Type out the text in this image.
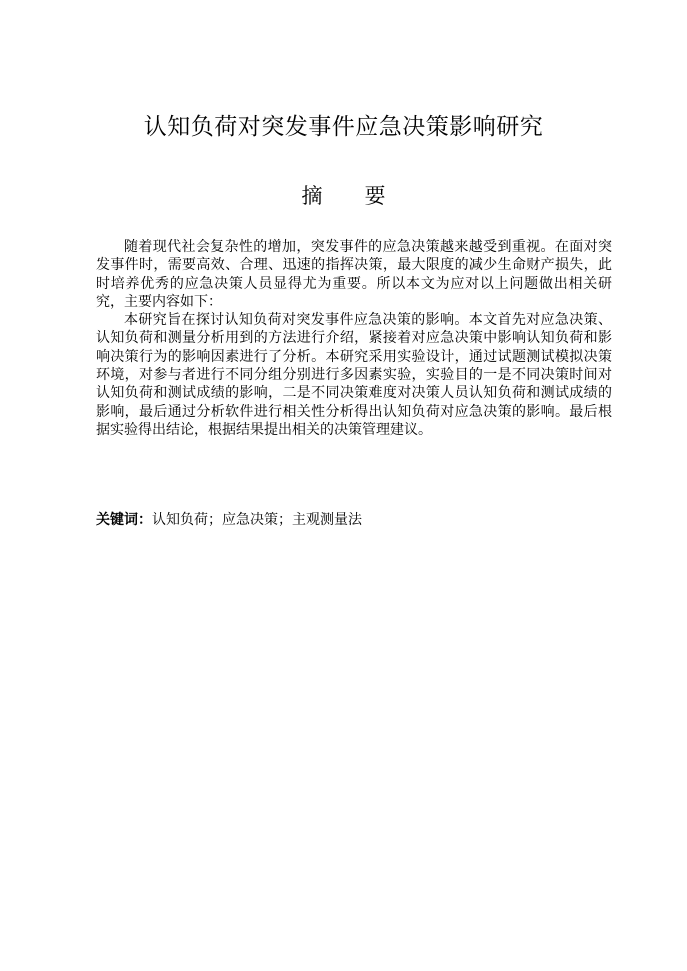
认知负荷对突发事件应急决策影响研究
摘要

随着现代社会复杂性的增加，突发事件的应急决策越来越受到重视。在面对突发事件时，需要高效、合理、迅速的指挥决策，最大限度的减少生命财产损失，此时培养优秀的应急决策人员显得尤为重要。所以本文为应对以上问题做出相关研究，主要内容如下：

本研究旨在探讨认知负荷对突发事件应急决策的影响。本文首先对应急决策、认知负荷和测量分析用到的方法进行介绍，紧接着对应急决策中影响认知负荷和影响决策行为的影响因素进行了分析。本研究采用实验设计，通过试题测试模拟决策环境，对参与者进行不同分组分别进行多因素实验，实验目的一是不同决策时间对认知负荷和测试成绩的影响，二是不同决策难度对决策人员认知负荷和测试成绩的影响，最后通过分析软件进行相关性分析得出认知负荷对应急决策的影响。最后根据实验得出结论，根据结果提出相关的决策管理建议。

关键词：认知负荷；应急决策；主观测量法
